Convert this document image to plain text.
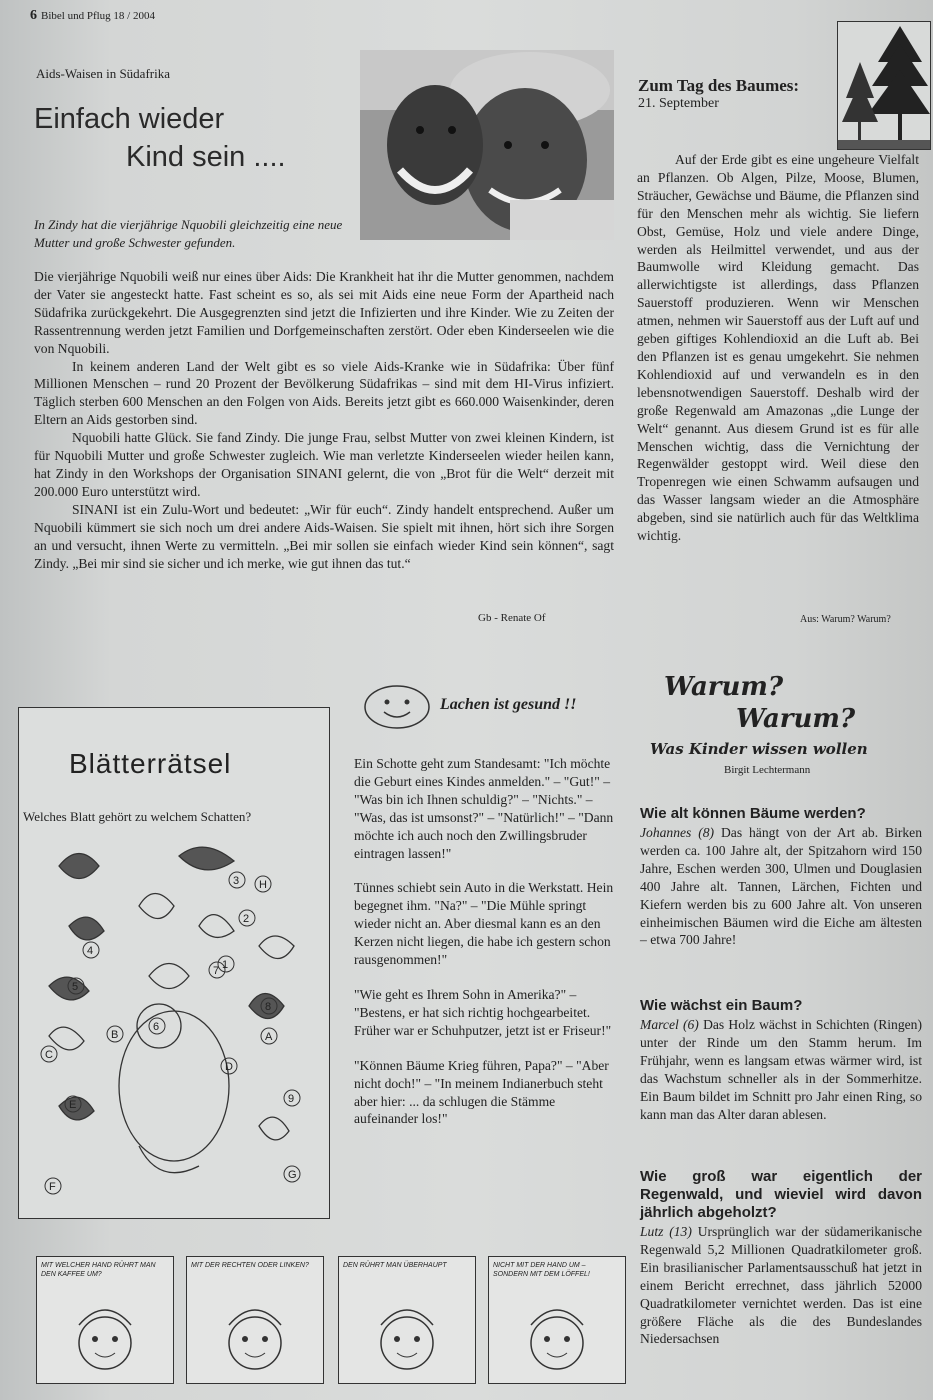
6 Bibel und Pflug 18 / 2004
Aids-Waisen in Südafrika
Einfach wieder
Kind sein ....
In Zindy hat die vierjährige Nquobili gleichzeitig eine neue Mutter und große Schwester gefunden.

Die vierjährige Nquobili weiß nur eines über Aids: Die Krankheit hat ihr die Mutter genommen, nachdem der Vater sie angesteckt hatte. Fast scheint es so, als sei mit Aids eine neue Form der Apartheid nach Südafrika zurückgekehrt. Die Ausgegrenzten sind jetzt die Infizierten und ihre Kinder. Wie zu Zeiten der Rassentrennung werden jetzt Familien und Dorfgemeinschaften zerstört. Oder eben Kinderseelen wie die von Nquobili.

In keinem anderen Land der Welt gibt es so viele Aids-Kranke wie in Südafrika: Über fünf Millionen Menschen – rund 20 Prozent der Bevölkerung Südafrikas – sind mit dem HI-Virus infiziert. Täglich sterben 600 Menschen an den Folgen von Aids. Bereits jetzt gibt es 660.000 Waisenkinder, deren Eltern an Aids gestorben sind.

Nquobili hatte Glück. Sie fand Zindy. Die junge Frau, selbst Mutter von zwei kleinen Kindern, ist für Nquobili Mutter und große Schwester zugleich. Wie man verletzte Kinderseelen wieder heilen kann, hat Zindy in den Workshops der Organisation SINANI gelernt, die von „Brot für die Welt“ derzeit mit 200.000 Euro unterstützt wird.

SINANI ist ein Zulu-Wort und bedeutet: „Wir für euch“. Zindy handelt entsprechend. Außer um Nquobili kümmert sie sich noch um drei andere Aids-Waisen. Sie spielt mit ihnen, hört sich ihre Sorgen an und versucht, ihnen Werte zu vermitteln. „Bei mir sollen sie einfach wieder Kind sein können“, sagt Zindy. „Bei mir sind sie sicher und ich merke, wie gut ihnen das tut.“

Gb - Renate Of
Zum Tag des Baumes:
21. September
Auf der Erde gibt es eine ungeheure Vielfalt an Pflanzen. Ob Algen, Pilze, Moose, Blumen, Sträucher, Gewächse und Bäume, die Pflanzen sind für den Menschen mehr als wichtig. Sie liefern Obst, Gemüse, Holz und viele andere Dinge, werden als Heilmittel verwendet, und aus der Baumwolle wird Kleidung gemacht. Das allerwichtigste ist allerdings, dass Pflanzen Sauerstoff produzieren. Wenn wir Menschen atmen, nehmen wir Sauerstoff aus der Luft auf und geben giftiges Kohlendioxid an die Luft ab. Bei den Pflanzen ist es genau umgekehrt. Sie nehmen Kohlendioxid auf und verwandeln es in den lebensnotwendigen Sauerstoff. Deshalb wird der große Regenwald am Amazonas „die Lunge der Welt“ genannt. Aus diesem Grund ist es für alle Menschen wichtig, dass die Vernichtung der Regenwälder gestoppt wird. Weil diese den Tropenregen wie einen Schwamm aufsaugen und das Wasser langsam wieder an die Atmosphäre abgeben, sind sie natürlich auch für das Weltklima wichtig.
Aus: Warum? Warum?
Blätterrätsel
Welches Blatt gehört zu welchem Schatten?
3 H
2
4
7 1
5
8
B	A
C
D
E	9
G
F
6
Lachen ist gesund !!

Ein Schotte geht zum Standesamt: "Ich möchte die Geburt eines Kindes anmelden." – "Gut!" – "Was bin ich Ihnen schuldig?" – "Nichts." – "Was, das ist umsonst?" – "Natürlich!" – "Dann möchte ich auch noch den Zwillingsbruder eintragen lassen!"

Tünnes schiebt sein Auto in die Werkstatt. Hein begegnet ihm. "Na?" – "Die Mühle springt wieder nicht an. Aber diesmal kann es an den Kerzen nicht liegen, die habe ich gestern schon rausgenommen!"

"Wie geht es Ihrem Sohn in Amerika?" – "Bestens, er hat sich richtig hochgearbeitet. Früher war er Schuhputzer, jetzt ist er Friseur!"

"Können Bäume Krieg führen, Papa?" – "Aber nicht doch!" – "In meinem Indianerbuch steht aber hier: ... da schlugen die Stämme aufeinander los!"

Warum?
Warum?
Was Kinder wissen wollen
Birgit Lechtermann
Wie alt können Bäume werden?
Johannes (8) Das hängt von der Art ab. Birken werden ca. 100 Jahre alt, der Spitzahorn wird 150 Jahre, Eschen werden 300, Ulmen und Douglasien 400 Jahre alt. Tannen, Lärchen, Fichten und Kiefern werden bis zu 600 Jahre alt. Von unseren einheimischen Bäumen wird die Eiche am ältesten – etwa 700 Jahre!
Wie wächst ein Baum?
Marcel (6) Das Holz wächst in Schichten (Ringen) unter der Rinde um den Stamm herum. Im Frühjahr, wenn es langsam etwas wärmer wird, ist das Wachstum schneller als in der Sommerhitze. Ein Baum bildet im Schnitt pro Jahr einen Ring, so kann man das Alter daran ablesen.
Wie groß war eigentlich der Regenwald, und wieviel wird davon jährlich abgeholzt?
Lutz (13) Ursprünglich war der südamerikanische Regenwald 5,2 Millionen Quadratkilometer groß. Ein brasilianischer Parlamentsausschuß hat jetzt in einem Bericht errechnet, dass jährlich 52000 Quadratkilometer vernichtet werden. Das ist eine größere Fläche als die des Bundeslandes Niedersachsen
MIT WELCHER HAND RÜHRT MAN DEN KAFFEE UM?
MIT DER RECHTEN ODER LINKEN?	DEN RÜHRT MAN ÜBERHAUPT	NICHT MIT DER HAND UM – SONDERN MIT DEM LÖFFEL!
